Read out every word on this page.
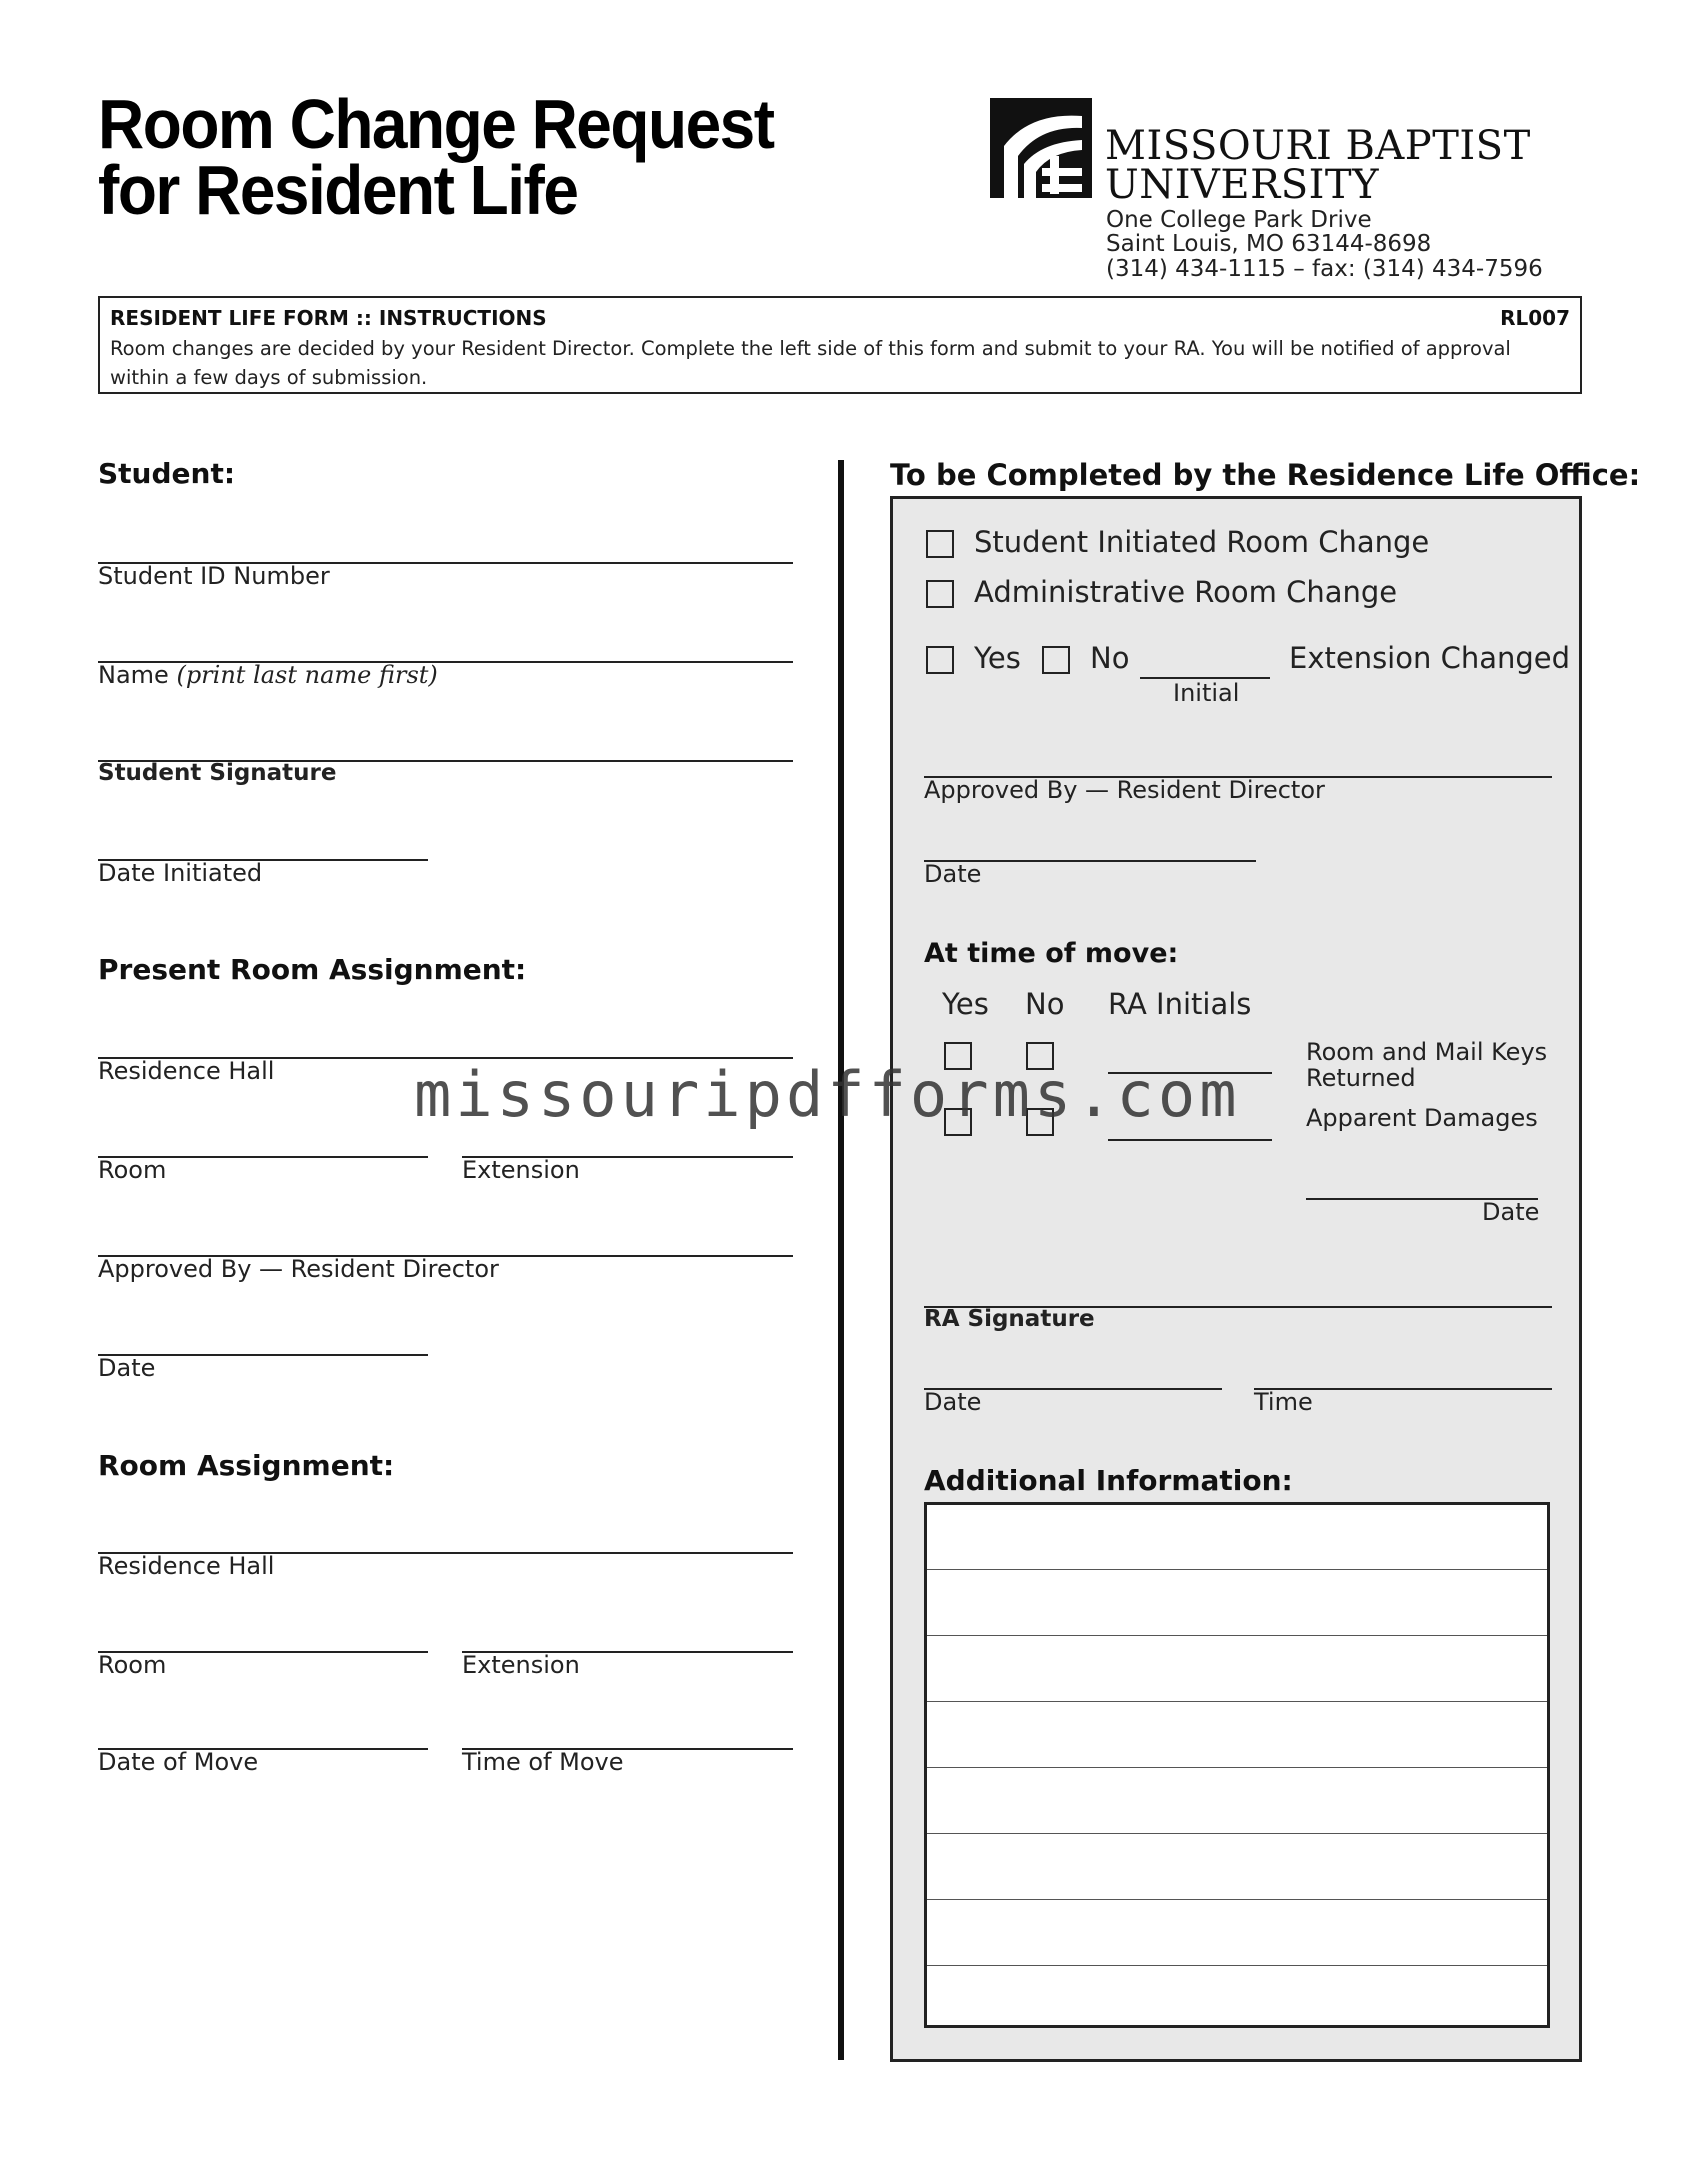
Room Change Request
for Resident Life
MISSOURI BAPTIST
UNIVERSITY
One College Park Drive
Saint Louis, MO 63144-8698
(314) 434-1115 – fax: (314) 434-7596
RESIDENT LIFE FORM :: INSTRUCTIONS	RL007
Room changes are decided by your Resident Director. Complete the left side of this form and submit to your RA. You will be notified of approval within a few days of submission.
Student:
Student ID Number
Name (print last name first)
Student Signature
Date Initiated
Present Room Assignment:
Residence Hall
Room	Extension
Approved By — Resident Director
Date
Room Assignment:
Residence Hall
Room	Extension
Date of Move	Time of Move
To be Completed by the Residence Life Office:
Student Initiated Room Change
Administrative Room Change
Yes No
Initial
Extension Changed
Approved By — Resident Director
Date
At time of move:
Yes No RA Initials
Room and Mail Keys
Returned
Apparent Damages
Date
RA Signature
Date	Time
Additional Information:
missouripdfforms.com
